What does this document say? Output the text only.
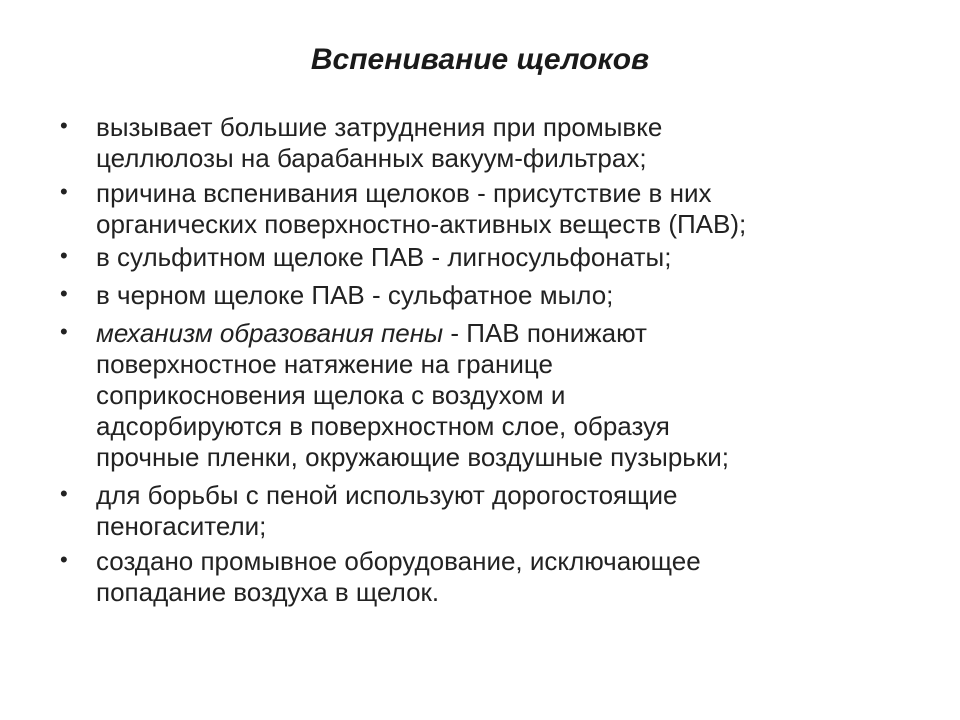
Вспенивание щелоков
• вызывает большие затруднения при промывке
целлюлозы на барабанных вакуум-фильтрах;
• причина вспенивания щелоков - присутствие в них
органических поверхностно-активных веществ (ПАВ);
• в сульфитном щелоке ПАВ - лигносульфонаты;
• в черном щелоке ПАВ - сульфатное мыло;
• механизм образования пены - ПАВ понижают
поверхностное натяжение на границе
соприкосновения щелока с воздухом и
адсорбируются в поверхностном слое, образуя
прочные пленки, окружающие воздушные пузырьки;
• для борьбы с пеной используют дорогостоящие
пеногасители;
• создано промывное оборудование, исключающее
попадание воздуха в щелок.
